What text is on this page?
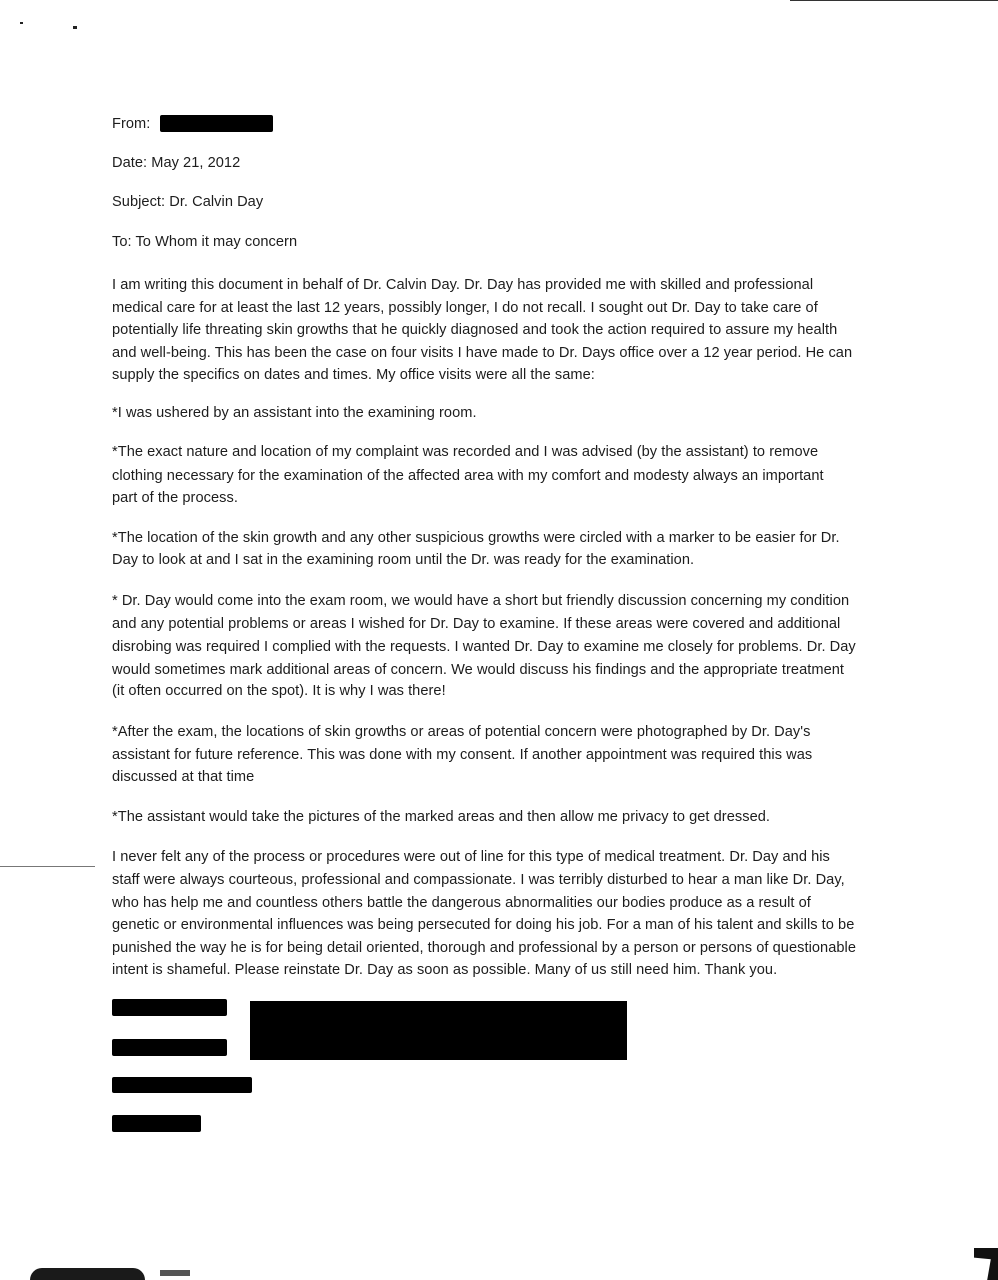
From:
Date: May 21, 2012
Subject: Dr. Calvin Day
To: To Whom it may concern
I am writing this document in behalf of Dr. Calvin Day. Dr. Day has provided me with skilled and professional
medical care for at least the last 12 years, possibly longer, I do not recall. I sought out Dr. Day to take care of
potentially life threating skin growths that he quickly diagnosed and took the action required to assure my health
and well-being. This has been the case on four visits I have made to Dr. Days office over a 12 year period. He can
supply the specifics on dates and times. My office visits were all the same:
*I was ushered by an assistant into the examining room.
*The exact nature and location of my complaint was recorded and I was advised (by the assistant) to remove
clothing necessary for the examination of the affected area with my comfort and modesty always an important
part of the process.
*The location of the skin growth and any other suspicious growths were circled with a marker to be easier for Dr.
Day to look at and I sat in the examining room until the Dr. was ready for the examination.
* Dr. Day would come into the exam room, we would have a short but friendly discussion concerning my condition
and any potential problems or areas I wished for Dr. Day to examine. If these areas were covered and additional
disrobing was required I complied with the requests. I wanted Dr. Day to examine me closely for problems. Dr. Day
would sometimes mark additional areas of concern. We would discuss his findings and the appropriate treatment
(it often occurred on the spot). It is why I was there!
*After the exam, the locations of skin growths or areas of potential concern were photographed by Dr. Day's
assistant for future reference. This was done with my consent. If another appointment was required this was
discussed at that time
*The assistant would take the pictures of the marked areas and then allow me privacy to get dressed.
I never felt any of the process or procedures were out of line for this type of medical treatment. Dr. Day and his
staff were always courteous, professional and compassionate. I was terribly disturbed to hear a man like Dr. Day,
who has help me and countless others battle the dangerous abnormalities our bodies produce as a result of
genetic or environmental influences was being persecuted for doing his job. For a man of his talent and skills to be
punished the way he is for being detail oriented, thorough and professional by a person or persons of questionable
intent is shameful. Please reinstate Dr. Day as soon as possible. Many of us still need him. Thank you.
